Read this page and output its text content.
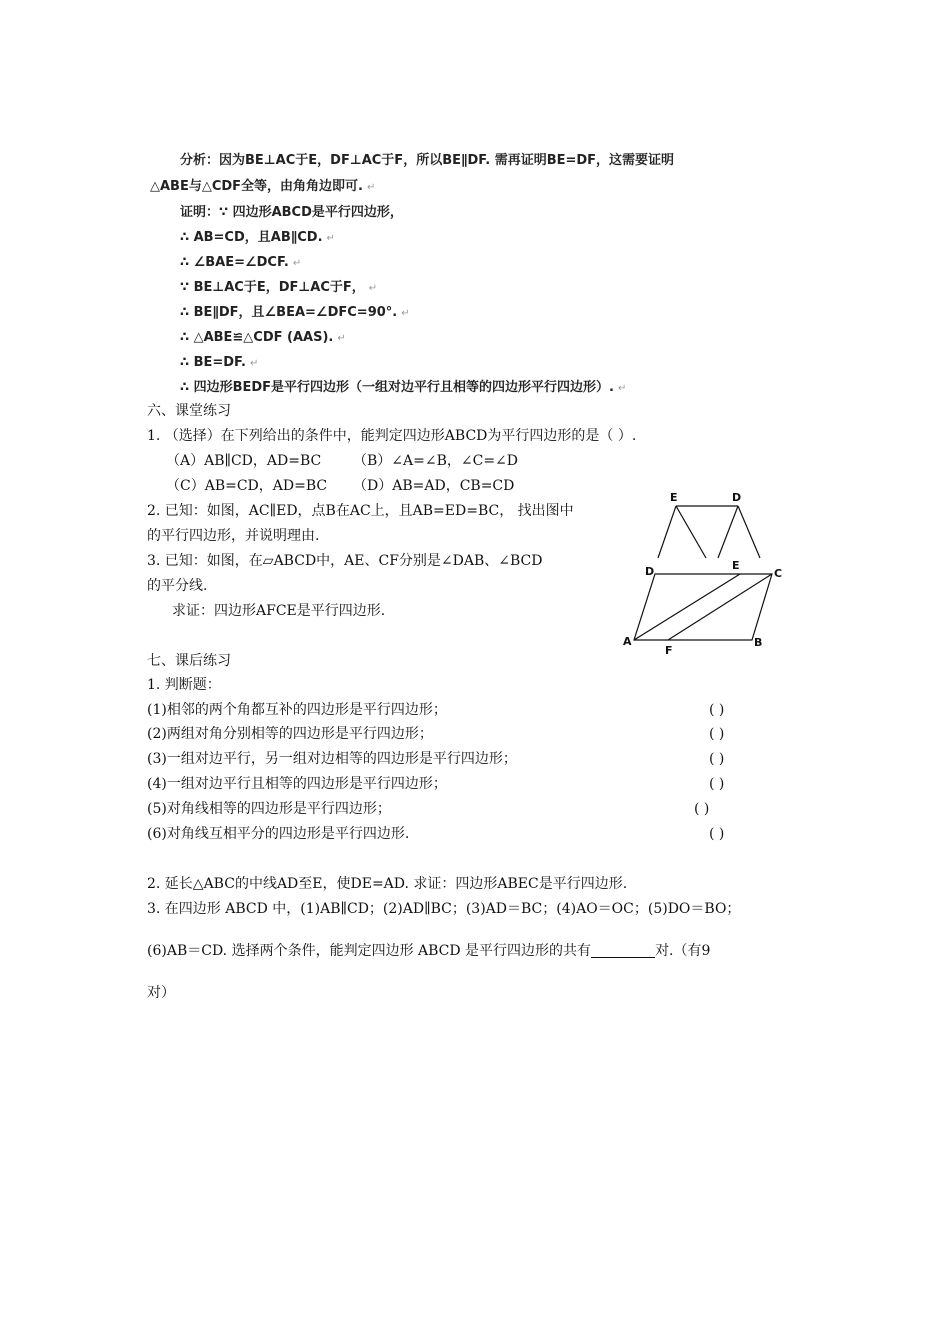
分析：因为BE⊥AC于E，DF⊥AC于F，所以BE∥DF. 需再证明BE=DF，这需要证明
△ABE与△CDF全等，由角角边即可. ↵
证明：∵ 四边形ABCD是平行四边形，
∴ AB=CD，且AB∥CD. ↵
∴ ∠BAE=∠DCF. ↵
∵ BE⊥AC于E，DF⊥AC于F， ↵
∴ BE∥DF，且∠BEA=∠DFC=90°. ↵
∴ △ABE≌△CDF (AAS). ↵
∴ BE=DF. ↵
∴ 四边形BEDF是平行四边形（一组对边平行且相等的四边形平行四边形）. ↵
六、课堂练习
1. （选择）在下列给出的条件中，能判定四边形ABCD为平行四边形的是（ ）.
（A）AB∥CD，AD=BC （B）∠A=∠B，∠C=∠D
（C）AB=CD，AD=BC （D）AB=AD，CB=CD
2. 已知：如图，AC∥ED，点B在AC上，且AB=ED=BC， 找出图中
的平行四边形，并说明理由.
3. 已知：如图，在▱ABCD中，AE、CF分别是∠DAB、∠BCD
的平分线.
求证：四边形AFCE是平行四边形.
E	D
D	E
C
A
F
B
七、课后练习
1. 判断题：
(1)相邻的两个角都互补的四边形是平行四边形；	( )
(2)两组对角分别相等的四边形是平行四边形；	( )
(3)一组对边平行，另一组对边相等的四边形是平行四边形；	( )
(4)一组对边平行且相等的四边形是平行四边形；	( )
(5)对角线相等的四边形是平行四边形；	( )
(6)对角线互相平分的四边形是平行四边形.	( )
2. 延长△ABC的中线AD至E，使DE=AD. 求证：四边形ABEC是平行四边形.
3. 在四边形 ABCD 中，(1)AB∥CD；(2)AD∥BC；(3)AD＝BC；(4)AO＝OC；(5)DO＝BO；
(6)AB＝CD. 选择两个条件，能判定四边形 ABCD 是平行四边形的共有	对.（有9
对）
